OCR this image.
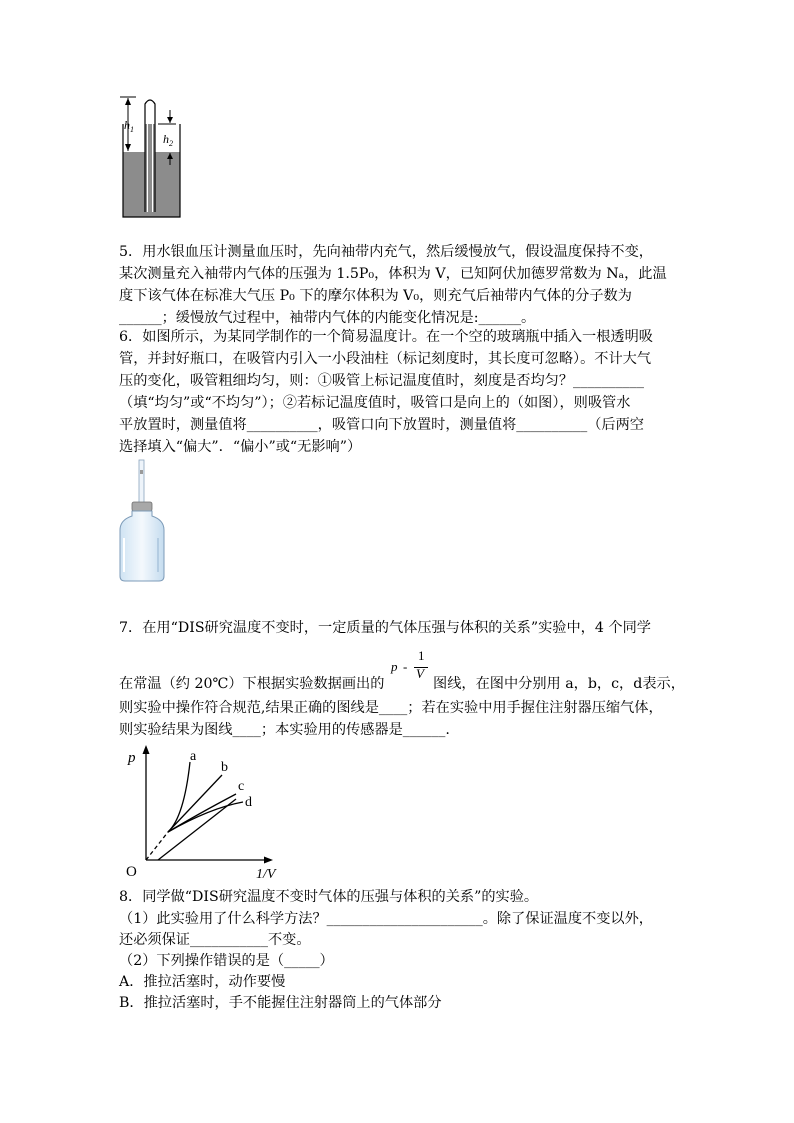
$h_1$
$h_2$
5．用水银血压计测量血压时，先向袖带内充气，然后缓慢放气，假设温度保持不变，
某次测量充入袖带内气体的压强为 1.5P₀，体积为 V，已知阿伏加德罗常数为 Nₐ，此温
度下该气体在标准大气压 P₀ 下的摩尔体积为 V₀，则充气后袖带内气体的分子数为
______；缓慢放气过程中，袖带内气体的内能变化情况是:______。
6．如图所示，为某同学制作的一个简易温度计。在一个空的玻璃瓶中插入一根透明吸
管，并封好瓶口，在吸管内引入一小段油柱（标记刻度时，其长度可忽略）。不计大气
压的变化，吸管粗细均匀，则：①吸管上标记温度值时，刻度是否均匀？__________
（填“均匀”或“不均匀”）；②若标记温度值时，吸管口是向上的（如图），则吸管水
平放置时，测量值将__________，吸管口向下放置时，测量值将__________（后两空
选择填入“偏大”．“偏小”或“无影响”）
7．在用“DIS研究温度不变时，一定质量的气体压强与体积的关系”实验中，4 个同学
在常温（约 20℃）下根据实验数据画出的
p -
1
V
图线，在图中分别用 a，b，c，d表示，
则实验中操作符合规范,结果正确的图线是____；若在实验中用手握住注射器压缩气体，
则实验结果为图线____；本实验用的传感器是______.
p
1/V
O
a
b
c
d
8．同学做“DIS研究温度不变时气体的压强与体积的关系”的实验。
（1）此实验用了什么科学方法？______________________。除了保证温度不变以外，
还必须保证___________不变。
（2）下列操作错误的是（_____）
A．推拉活塞时，动作要慢
B．推拉活塞时，手不能握住注射器筒上的气体部分
